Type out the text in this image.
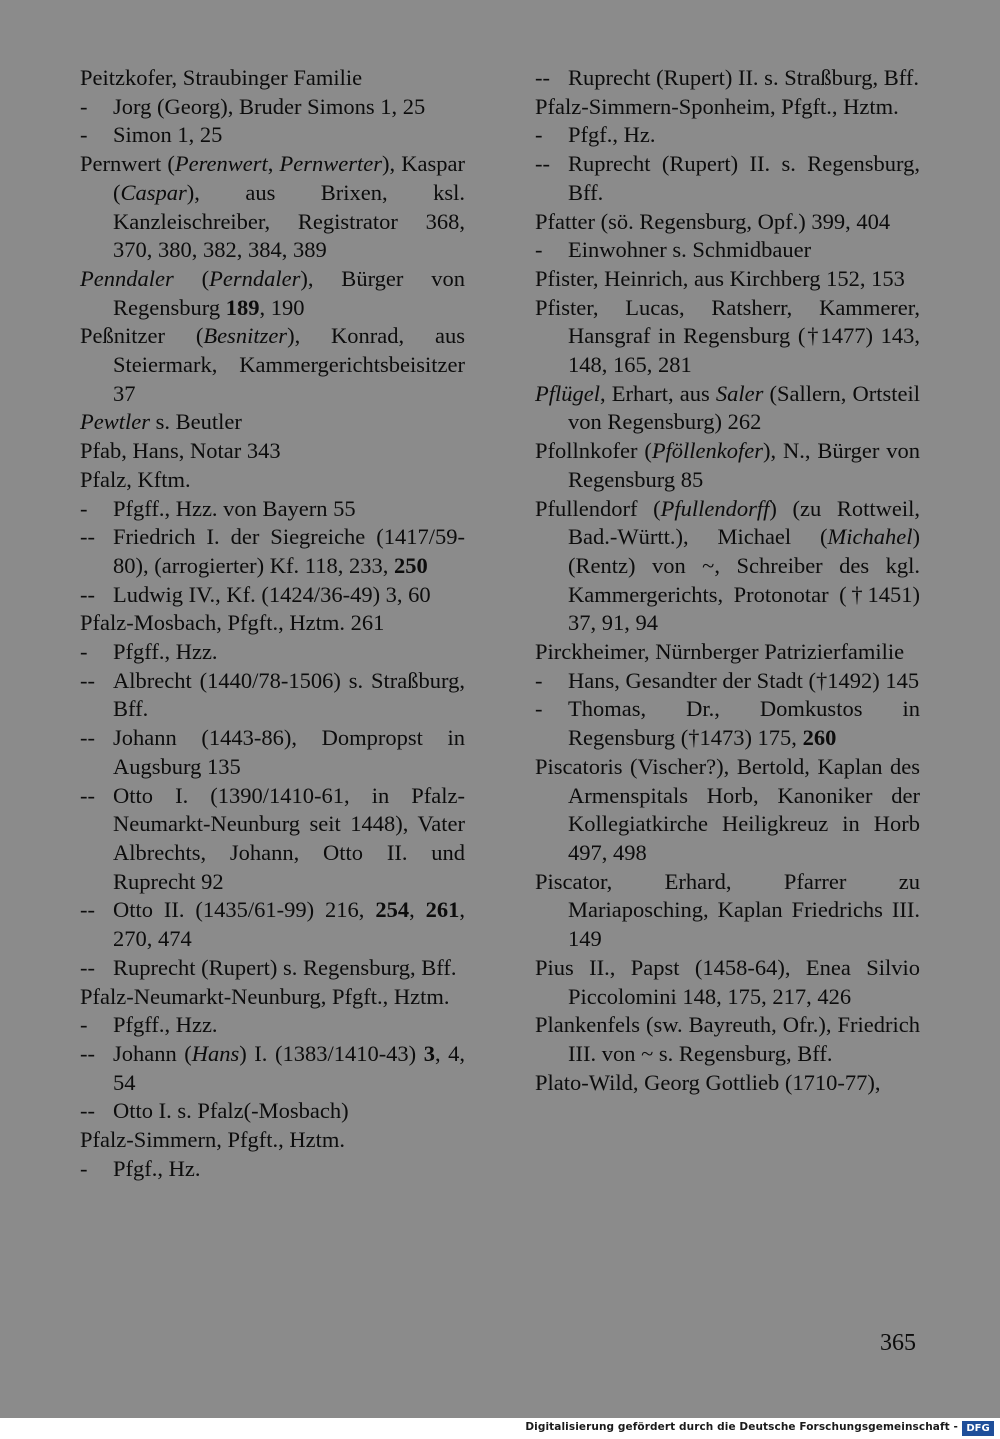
Peitzkofer, Straubinger Familie

- Jorg (Georg), Bruder Simons 1, 25

- Simon 1, 25

Pernwert (Perenwert, Pernwerter), Kaspar (Caspar), aus Brixen, ksl. Kanzleischreiber, Registrator 368, 370, 380, 382, 384, 389

Penndaler (Perndaler), Bürger von Regensburg 189, 190

Peßnitzer (Besnitzer), Konrad, aus Steiermark, Kammergerichtsbeisitzer 37

Pewtler s. Beutler

Pfab, Hans, Notar 343

Pfalz, Kftm.

- Pfgff., Hzz. von Bayern 55

-- Friedrich I. der Siegreiche (1417/59-80), (arrogierter) Kf. 118, 233, 250

-- Ludwig IV., Kf. (1424/36-49) 3, 60

Pfalz-Mosbach, Pfgft., Hztm. 261

- Pfgff., Hzz.

-- Albrecht (1440/78-1506) s. Straßburg, Bff.

-- Johann (1443-86), Dompropst in Augsburg 135

-- Otto I. (1390/1410-61, in Pfalz-Neumarkt-Neunburg seit 1448), Vater Albrechts, Johann, Otto II. und Ruprecht 92

-- Otto II. (1435/61-99) 216, 254, 261, 270, 474

-- Ruprecht (Rupert) s. Regensburg, Bff.

Pfalz-Neumarkt-Neunburg, Pfgft., Hztm.

- Pfgff., Hzz.

-- Johann (Hans) I. (1383/1410-43) 3, 4, 54

-- Otto I. s. Pfalz(-Mosbach)

Pfalz-Simmern, Pfgft., Hztm.

- Pfgf., Hz.

-- Ruprecht (Rupert) II. s. Straßburg, Bff.

Pfalz-Simmern-Sponheim, Pfgft., Hztm.

- Pfgf., Hz.

-- Ruprecht (Rupert) II. s. Regensburg, Bff.

Pfatter (sö. Regensburg, Opf.) 399, 404

- Einwohner s. Schmidbauer

Pfister, Heinrich, aus Kirchberg 152, 153

Pfister, Lucas, Ratsherr, Kammerer, Hansgraf in Regensburg (†1477) 143, 148, 165, 281

Pflügel, Erhart, aus Saler (Sallern, Ortsteil von Regensburg) 262

Pfollnkofer (Pföllenkofer), N., Bürger von Regensburg 85

Pfullendorf (Pfullendorff) (zu Rottweil, Bad.-Württ.), Michael (Michahel) (Rentz) von ~, Schreiber des kgl. Kammergerichts, Protonotar (†1451) 37, 91, 94

Pirckheimer, Nürnberger Patrizierfamilie

- Hans, Gesandter der Stadt (†1492) 145

- Thomas, Dr., Domkustos in Regensburg (†1473) 175, 260

Piscatoris (Vischer?), Bertold, Kaplan des Armenspitals Horb, Kanoniker der Kollegiatkirche Heiligkreuz in Horb 497, 498

Piscator, Erhard, Pfarrer zu Mariaposching, Kaplan Friedrichs III. 149

Pius II., Papst (1458-64), Enea Silvio Piccolomini 148, 175, 217, 426

Plankenfels (sw. Bayreuth, Ofr.), Friedrich III. von ~ s. Regensburg, Bff.

Plato-Wild, Georg Gottlieb (1710-77),

365
Digitalisierung gefördert durch die Deutsche Forschungsgemeinschaft - DFG
